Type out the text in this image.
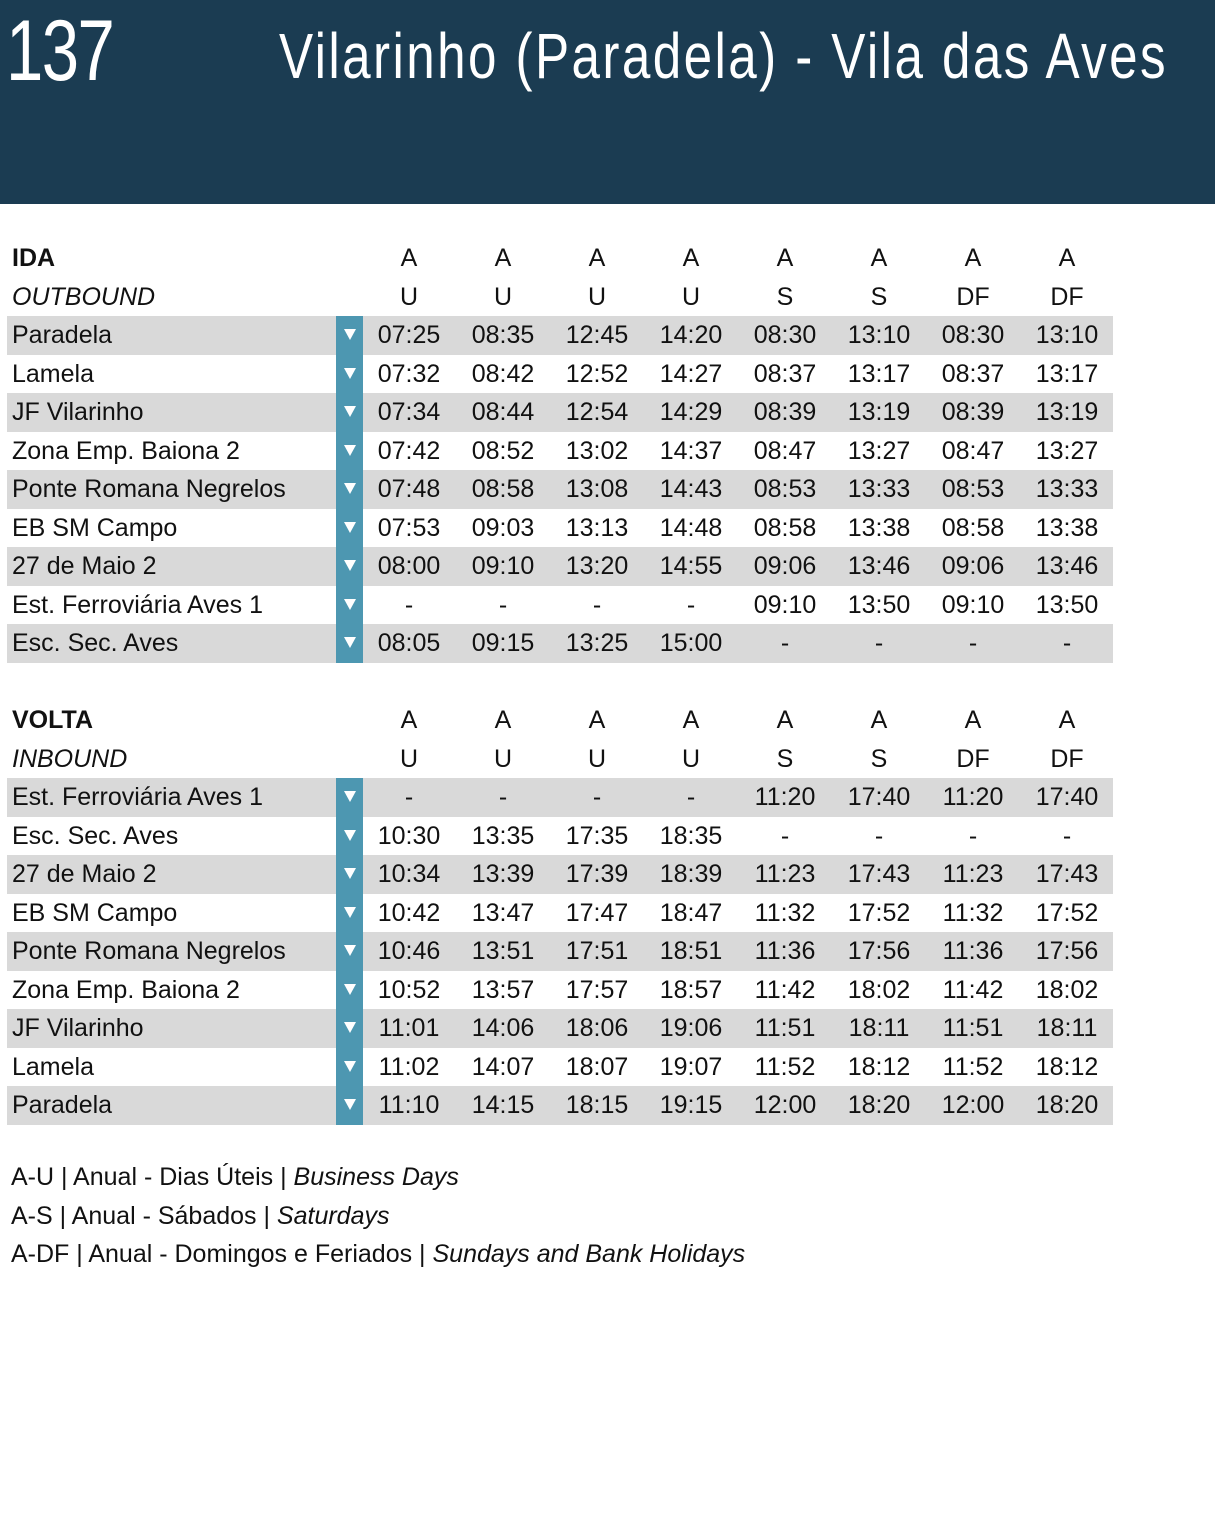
137	Vilarinho (Paradela) - Vila das Aves
IDA	A	A	A	A	A	A	A	A
OUTBOUND	U	U	U	U	S	S	DF	DF
Paradela	07:25	08:35	12:45	14:20	08:30	13:10	08:30	13:10
Lamela	07:32	08:42	12:52	14:27	08:37	13:17	08:37	13:17
JF Vilarinho	07:34	08:44	12:54	14:29	08:39	13:19	08:39	13:19
Zona Emp. Baiona 2	07:42	08:52	13:02	14:37	08:47	13:27	08:47	13:27
Ponte Romana Negrelos	07:48	08:58	13:08	14:43	08:53	13:33	08:53	13:33
EB SM Campo	07:53	09:03	13:13	14:48	08:58	13:38	08:58	13:38
27 de Maio 2	08:00	09:10	13:20	14:55	09:06	13:46	09:06	13:46
Est. Ferroviária Aves 1	-	-	-	-	09:10	13:50	09:10	13:50
Esc. Sec. Aves	08:05	09:15	13:25	15:00	-	-	-	-
VOLTA	A	A	A	A	A	A	A	A
INBOUND	U	U	U	U	S	S	DF	DF
Est. Ferroviária Aves 1	-	-	-	-	11:20	17:40	11:20	17:40
Esc. Sec. Aves	10:30	13:35	17:35	18:35	-	-	-	-
27 de Maio 2	10:34	13:39	17:39	18:39	11:23	17:43	11:23	17:43
EB SM Campo	10:42	13:47	17:47	18:47	11:32	17:52	11:32	17:52
Ponte Romana Negrelos	10:46	13:51	17:51	18:51	11:36	17:56	11:36	17:56
Zona Emp. Baiona 2	10:52	13:57	17:57	18:57	11:42	18:02	11:42	18:02
JF Vilarinho	11:01	14:06	18:06	19:06	11:51	18:11	11:51	18:11
Lamela	11:02	14:07	18:07	19:07	11:52	18:12	11:52	18:12
Paradela	11:10	14:15	18:15	19:15	12:00	18:20	12:00	18:20
A-U | Anual - Dias Úteis | Business Days
A-S | Anual - Sábados | Saturdays
A-DF | Anual - Domingos e Feriados | Sundays and Bank Holidays
